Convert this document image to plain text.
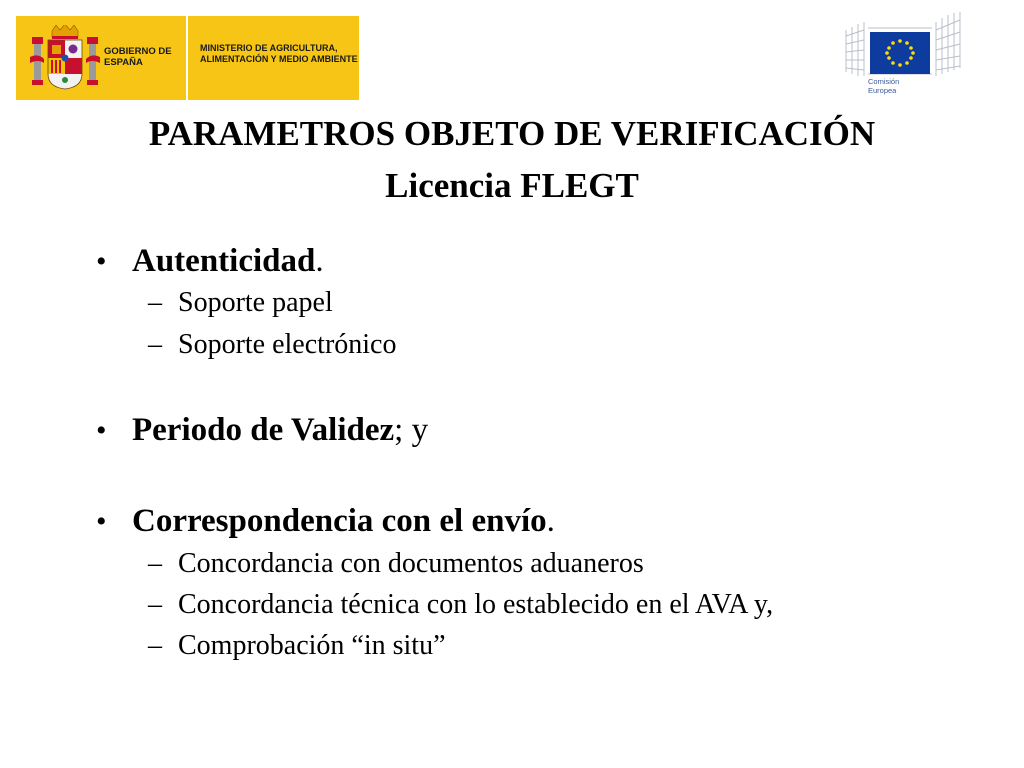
GOBIERNO DE ESPAÑA
MINISTERIO DE AGRICULTURA, ALIMENTACIÓN Y MEDIO AMBIENTE
Comisión
Europea
PARAMETROS OBJETO DE VERIFICACIÓN
Licencia FLEGT
• Autenticidad.
– Soporte papel
– Soporte electrónico
• Periodo de Validez; y
• Correspondencia con el envío.
– Concordancia con documentos aduaneros
– Concordancia técnica con lo establecido en el AVA y,
– Comprobación “in situ”
